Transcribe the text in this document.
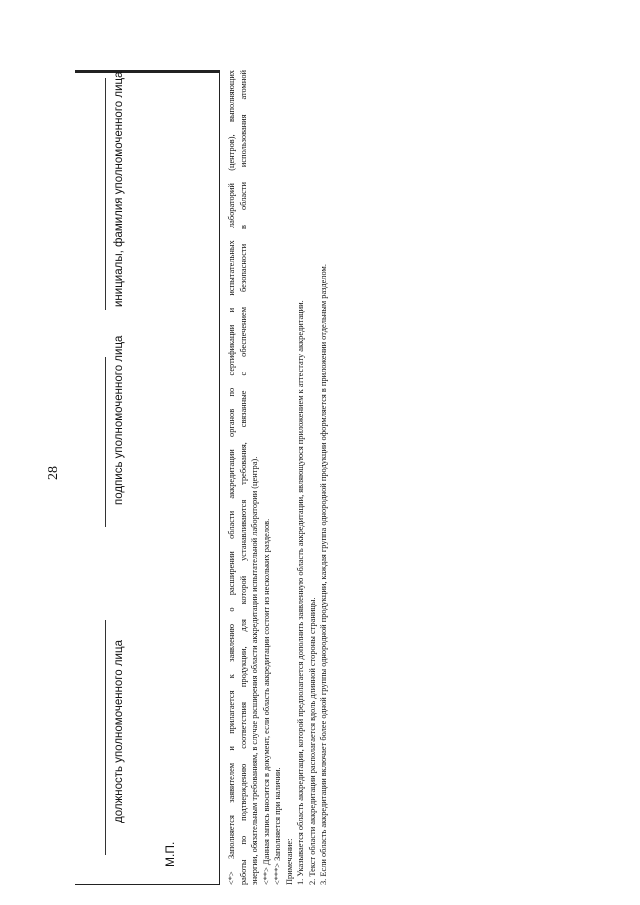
28
должность уполномоченного лица
подпись уполномоченного лица
инициалы, фамилия уполномоченного лица
М.П.	<*> Заполняется заявителем и прилагается к заявлению о расширении области аккредитации органов по сертификации и испытательных лабораторий (центров), выполняющих работы по подтверждению соответствия продукции, для которой устанавливаются требования, связанные с обеспечением безопасности в области использования атомной энергии, обязательным требованиям, в случае расширения области аккредитации испытательной лаборатории (центра). <**> Данная запись вносится в документ, если область аккредитации состоит из нескольких разделов. <***> Заполняется при наличии. Примечание: 1. Указывается область аккредитации, которой предполагается дополнить заявленную область аккредитации, являющуюся приложением к аттестату аккредитации. 2. Текст области аккредитации располагается вдоль длинной стороны страницы. 3. Если область аккредитации включает более одной группы однородной продукции, каждая группа однородной продукции оформляется в приложении отдельным разделом.
